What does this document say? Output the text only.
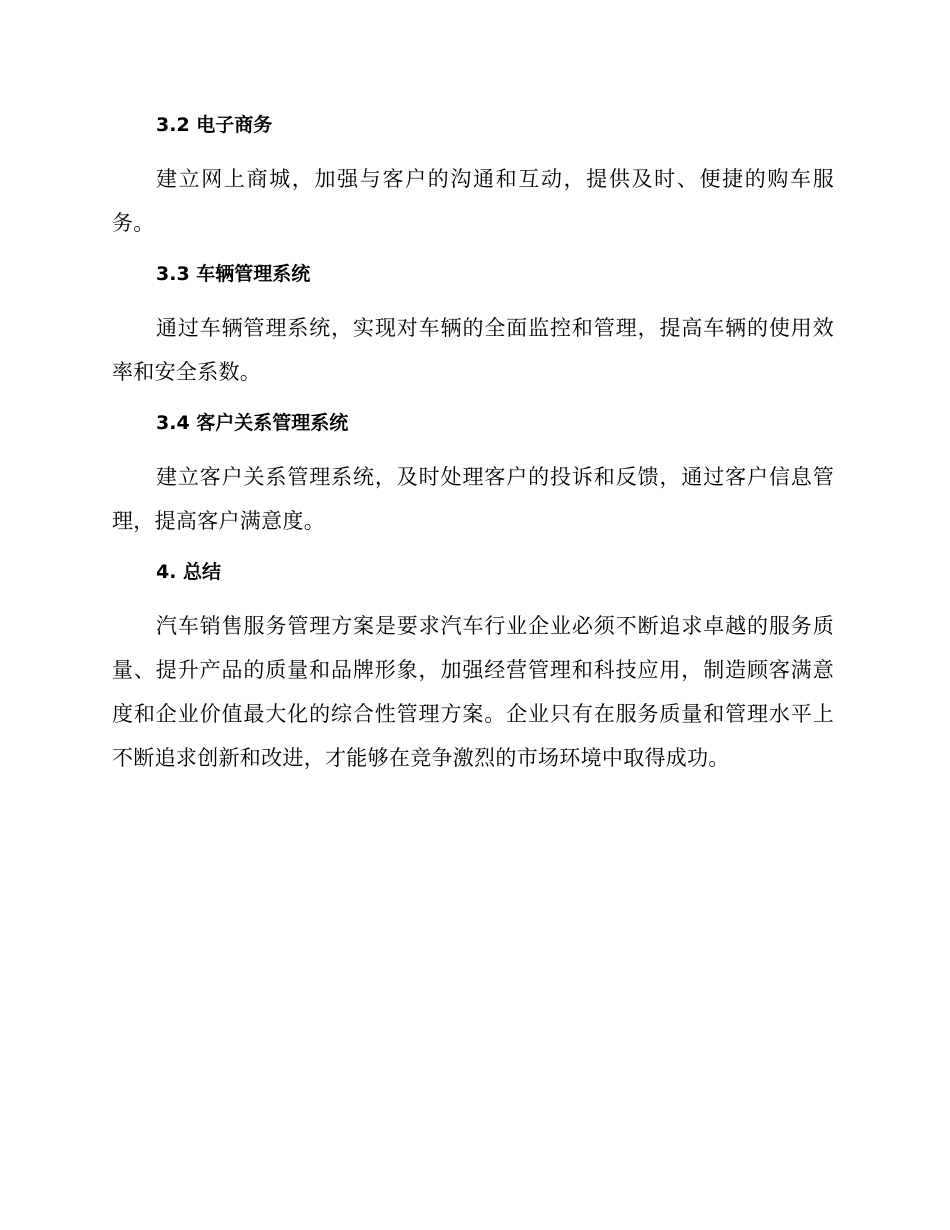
3.2 电子商务

建立网上商城，加强与客户的沟通和互动，提供及时、便捷的购车服务。

3.3 车辆管理系统

通过车辆管理系统，实现对车辆的全面监控和管理，提高车辆的使用效率和安全系数。

3.4 客户关系管理系统

建立客户关系管理系统，及时处理客户的投诉和反馈，通过客户信息管理，提高客户满意度。

4. 总结

汽车销售服务管理方案是要求汽车行业企业必须不断追求卓越的服务质量、提升产品的质量和品牌形象，加强经营管理和科技应用，制造顾客满意度和企业价值最大化的综合性管理方案。企业只有在服务质量和管理水平上不断追求创新和改进，才能够在竞争激烈的市场环境中取得成功。
